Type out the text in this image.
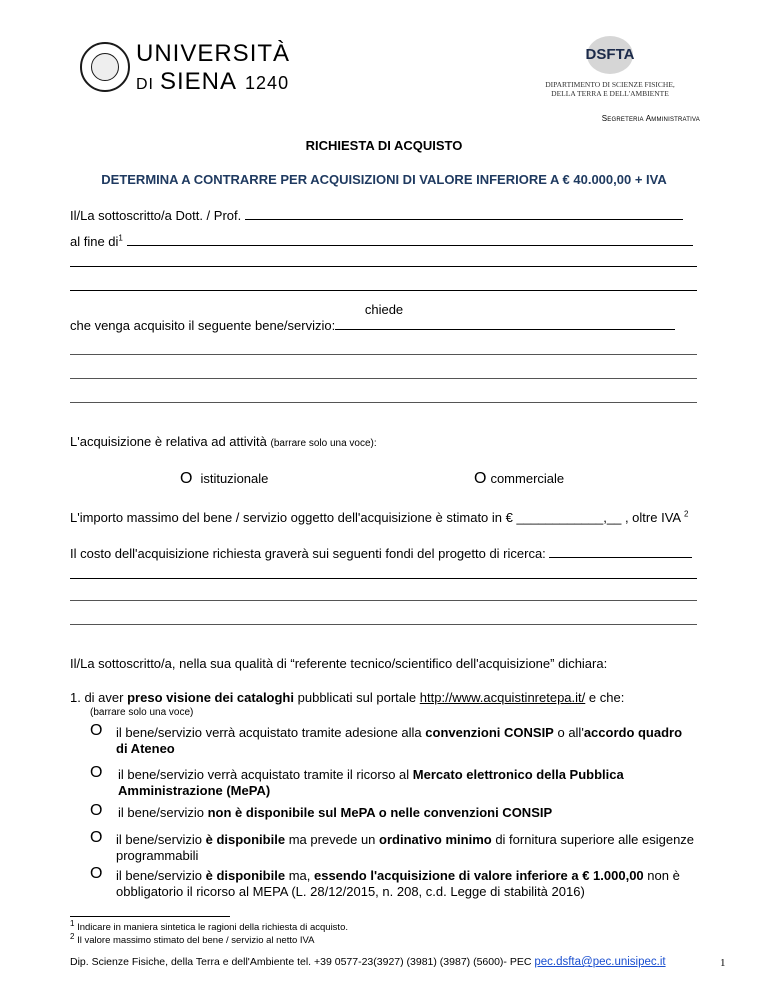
UNIVERSITÀ
DI SIENA 1240
DSFTA
DIPARTIMENTO DI SCIENZE FISICHE,
DELLA TERRA E DELL'AMBIENTE
Segreteria Amministrativa
RICHIESTA DI ACQUISTO
DETERMINA A CONTRARRE PER ACQUISIZIONI DI VALORE INFERIORE A € 40.000,00 + IVA
Il/La sottoscritto/a Dott. / Prof.
al fine $di^1$
chiede
che venga acquisito il seguente bene/servizio:
L'acquisizione è relativa ad attività (barrare solo una voce):
O istituzionale	O commerciale
L'importo massimo del bene / servizio oggetto dell'acquisizione è stimato in € ____________,__ , oltre IVA $^2$
Il costo dell'acquisizione richiesta graverà sui seguenti fondi del progetto di ricerca:
Il/La sottoscritto/a, nella sua qualità di “referente tecnico/scientifico dell'acquisizione” dichiara:
1. di aver preso visione dei cataloghi pubblicati sul portale http://www.acquistinretepa.it/ e che:
(barrare solo una voce)
O il bene/servizio verrà acquistato tramite adesione alla convenzioni CONSIP o all'accordo quadro di Ateneo
O il bene/servizio verrà acquistato tramite il ricorso al Mercato elettronico della Pubblica Amministrazione (MePA)
O il bene/servizio non è disponibile sul MePA o nelle convenzioni CONSIP
O il bene/servizio è disponibile ma prevede un ordinativo minimo di fornitura superiore alle esigenze programmabili
O il bene/servizio è disponibile ma, essendo l'acquisizione di valore inferiore a € 1.000,00 non è obbligatorio il ricorso al MEPA (L. 28/12/2015, n. 208, c.d. Legge di stabilità 2016)
$^1$ Indicare in maniera sintetica le ragioni della richiesta di acquisto.
$^2$ Il valore massimo stimato del bene / servizio al netto IVA
Dip. Scienze Fisiche, della Terra e dell'Ambiente tel. +39 0577-23(3927) (3981) (3987) (5600)- PEC pec.dsfta@pec.unisipec.it	1
